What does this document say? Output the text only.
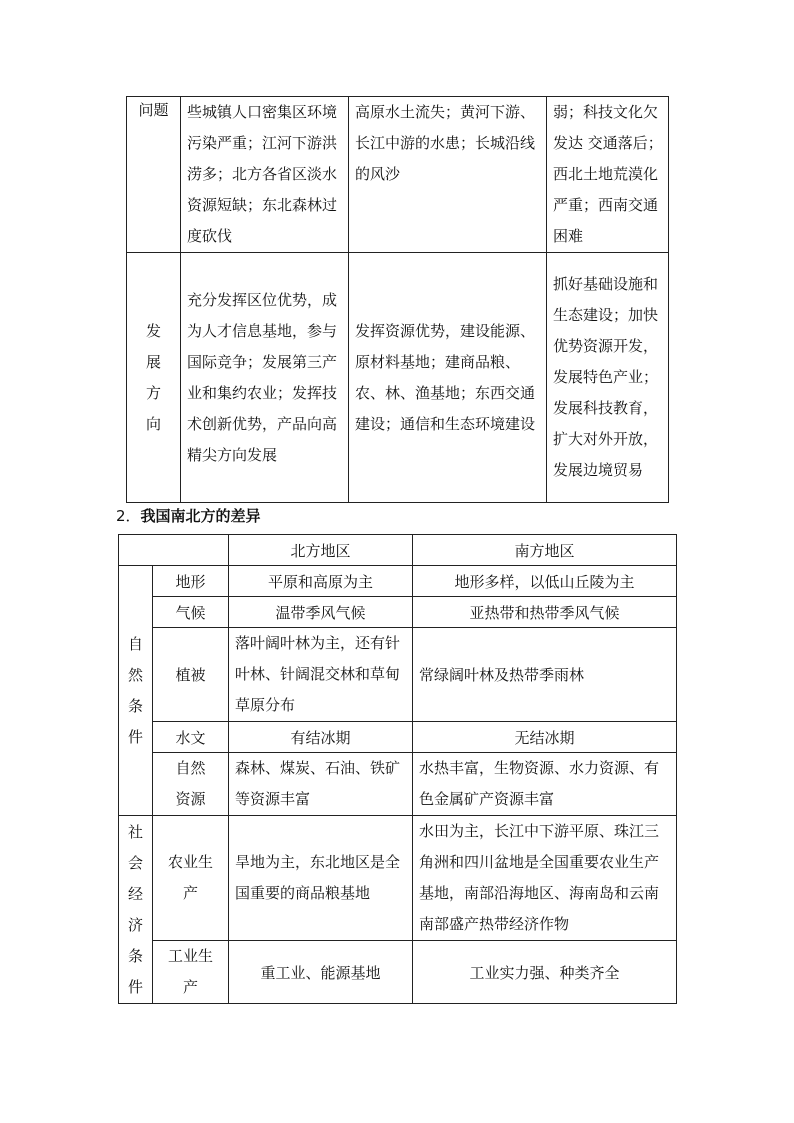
问题	些城镇人口密集区环境污染严重；江河下游洪涝多；北方各省区淡水资源短缺；东北森林过度砍伐	高原水土流失；黄河下游、长江中游的水患；长城沿线的风沙	弱；科技文化欠发达 交通落后；西北土地荒漠化严重；西南交通困难
发展方向	充分发挥区位优势，成为人才信息基地，参与国际竞争；发展第三产业和集约农业；发挥技术创新优势，产品向高精尖方向发展	发挥资源优势，建设能源、原材料基地；建商品粮、农、林、渔基地；东西交通建设；通信和生态环境建设	抓好基础设施和生态建设；加快优势资源开发，发展特色产业；发展科技教育，扩大对外开放，发展边境贸易
2．我国南北方的差异
		北方地区	南方地区
自然条件	地形	平原和高原为主	地形多样，以低山丘陵为主
	气候	温带季风气候	亚热带和热带季风气候
	植被	落叶阔叶林为主，还有针叶林、针阔混交林和草甸草原分布	常绿阔叶林及热带季雨林
	水文	有结冰期	无结冰期
	自然资源	森林、煤炭、石油、铁矿等资源丰富	水热丰富，生物资源、水力资源、有色金属矿产资源丰富
社会经济条件	农业生产	旱地为主，东北地区是全国重要的商品粮基地	水田为主，长江中下游平原、珠江三角洲和四川盆地是全国重要农业生产基地，南部沿海地区、海南岛和云南南部盛产热带经济作物
	工业生产	重工业、能源基地	工业实力强、种类齐全
